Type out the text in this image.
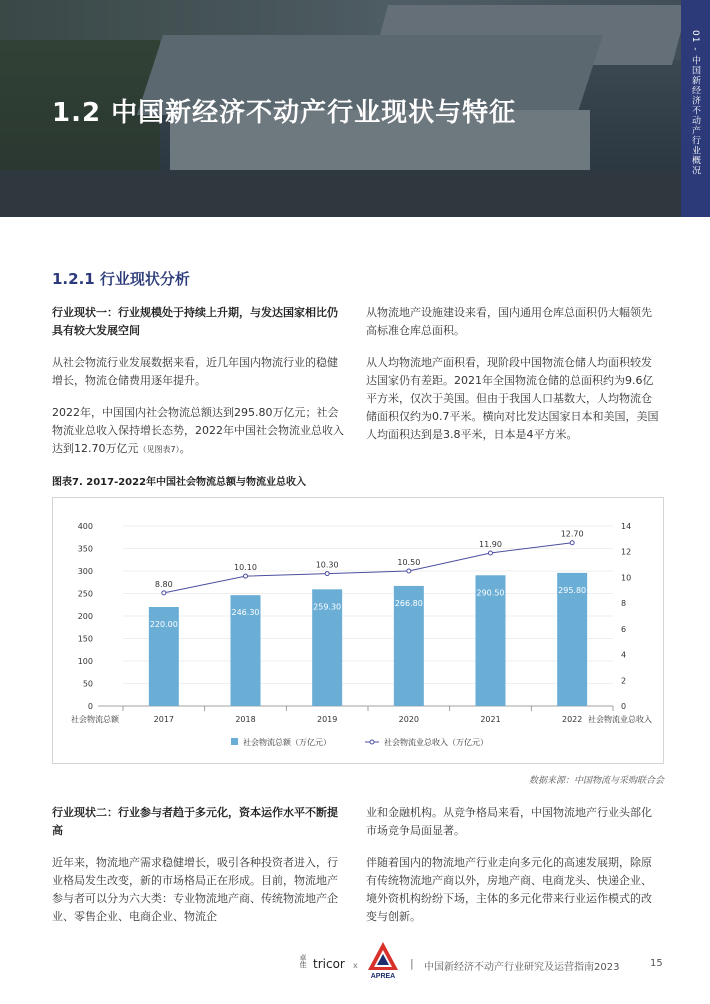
1.2 中国新经济不动产行业现状与特征	01 - 中国新经济不动产行业概况
1.2.1 行业现状分析

行业现状一：行业规模处于持续上升期，与发达国家相比仍具有较大发展空间

从社会物流行业发展数据来看，近几年国内物流行业的稳健增长，物流仓储费用逐年提升。

2022年，中国国内社会物流总额达到295.80万亿元；社会物流业总收入保持增长态势，2022年中国社会物流业总收入达到12.70万亿元（见图表7）。

从物流地产设施建设来看，国内通用仓库总面积仍大幅领先高标准仓库总面积。

从人均物流地产面积看，现阶段中国物流仓储人均面积较发达国家仍有差距。2021年全国物流仓储的总面积约为9.6亿平方米，仅次于美国。但由于我国人口基数大，人均物流仓储面积仅约为0.7平米。横向对比发达国家日本和美国，美国人均面积达到是3.8平米，日本是4平方米。

图表7. 2017-2022年中国社会物流总额与物流业总收入

0
50
100
150
200
250
300
350
400
0
2
4
6
8
10
12
14
220.00
246.30
259.30	266.80
290.50	295.80
8.80
10.10	10.30	10.50
11.90
12.70
2017	2018	2019	2020	2021	2022
社会物流总额	社会物流业总收入
社会物流总额（万亿元）	社会物流业总收入（万亿元）

数据来源：中国物流与采购联合会

行业现状二：行业参与者趋于多元化，资本运作水平不断提高

近年来，物流地产需求稳健增长，吸引各种投资者进入，行业格局发生改变，新的市场格局正在形成。目前，物流地产参与者可以分为六大类：专业物流地产商、传统物流地产企业、零售企业、电商企业、物流企

业和金融机构。从竞争格局来看，中国物流地产行业头部化市场竞争局面显著。

伴随着国内的物流地产行业走向多元化的高速发展期，除原有传统物流地产商以外，房地产商、电商龙头、快递企业、境外资机构纷纷下场，主体的多元化带来行业运作模式的改变与创新。

卓佳 tricor x
APREA
| 中国新经济不动产行业研究及运营指南2023	15
